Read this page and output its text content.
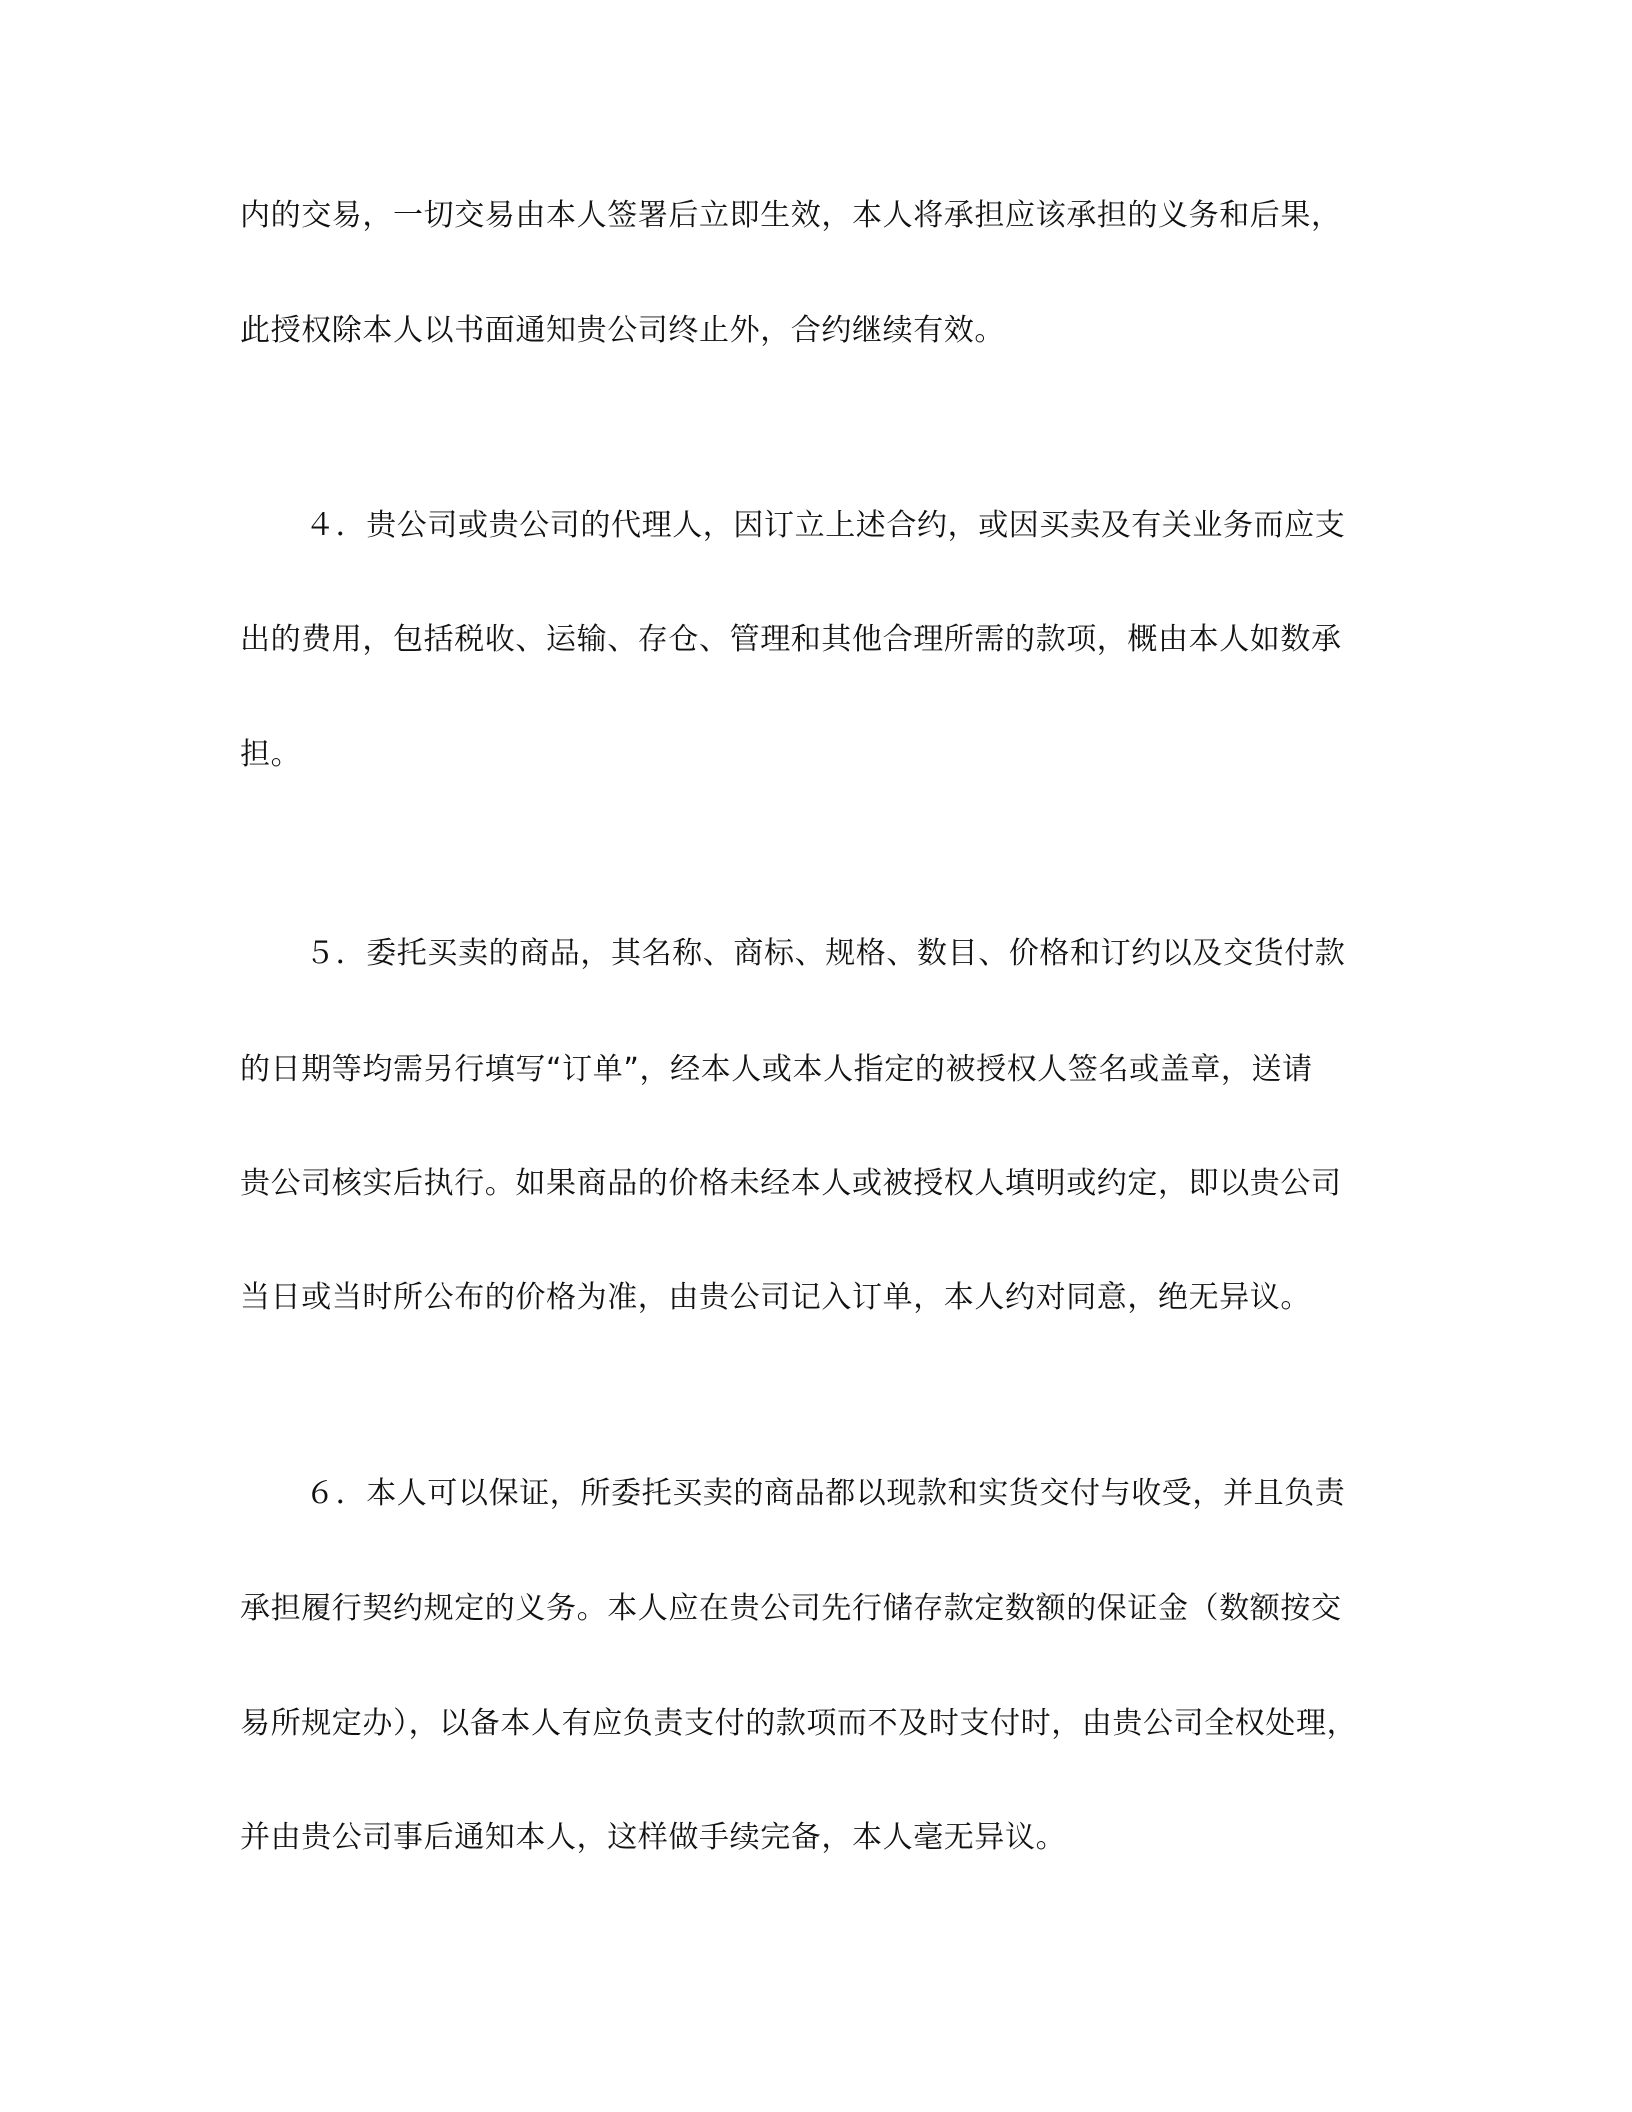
内的交易，一切交易由本人签署后立即生效，本人将承担应该承担的义务和后果，
此授权除本人以书面通知贵公司终止外，合约继续有效。
４．贵公司或贵公司的代理人，因订立上述合约，或因买卖及有关业务而应支
出的费用，包括税收、运输、存仓、管理和其他合理所需的款项，概由本人如数承
担。
５．委托买卖的商品，其名称、商标、规格、数目、价格和订约以及交货付款
的日期等均需另行填写“订单”，经本人或本人指定的被授权人签名或盖章，送请
贵公司核实后执行。如果商品的价格未经本人或被授权人填明或约定，即以贵公司
当日或当时所公布的价格为准，由贵公司记入订单，本人约对同意，绝无异议。
６．本人可以保证，所委托买卖的商品都以现款和实货交付与收受，并且负责
承担履行契约规定的义务。本人应在贵公司先行储存款定数额的保证金（数额按交
易所规定办），以备本人有应负责支付的款项而不及时支付时，由贵公司全权处理，
并由贵公司事后通知本人，这样做手续完备，本人毫无异议。
